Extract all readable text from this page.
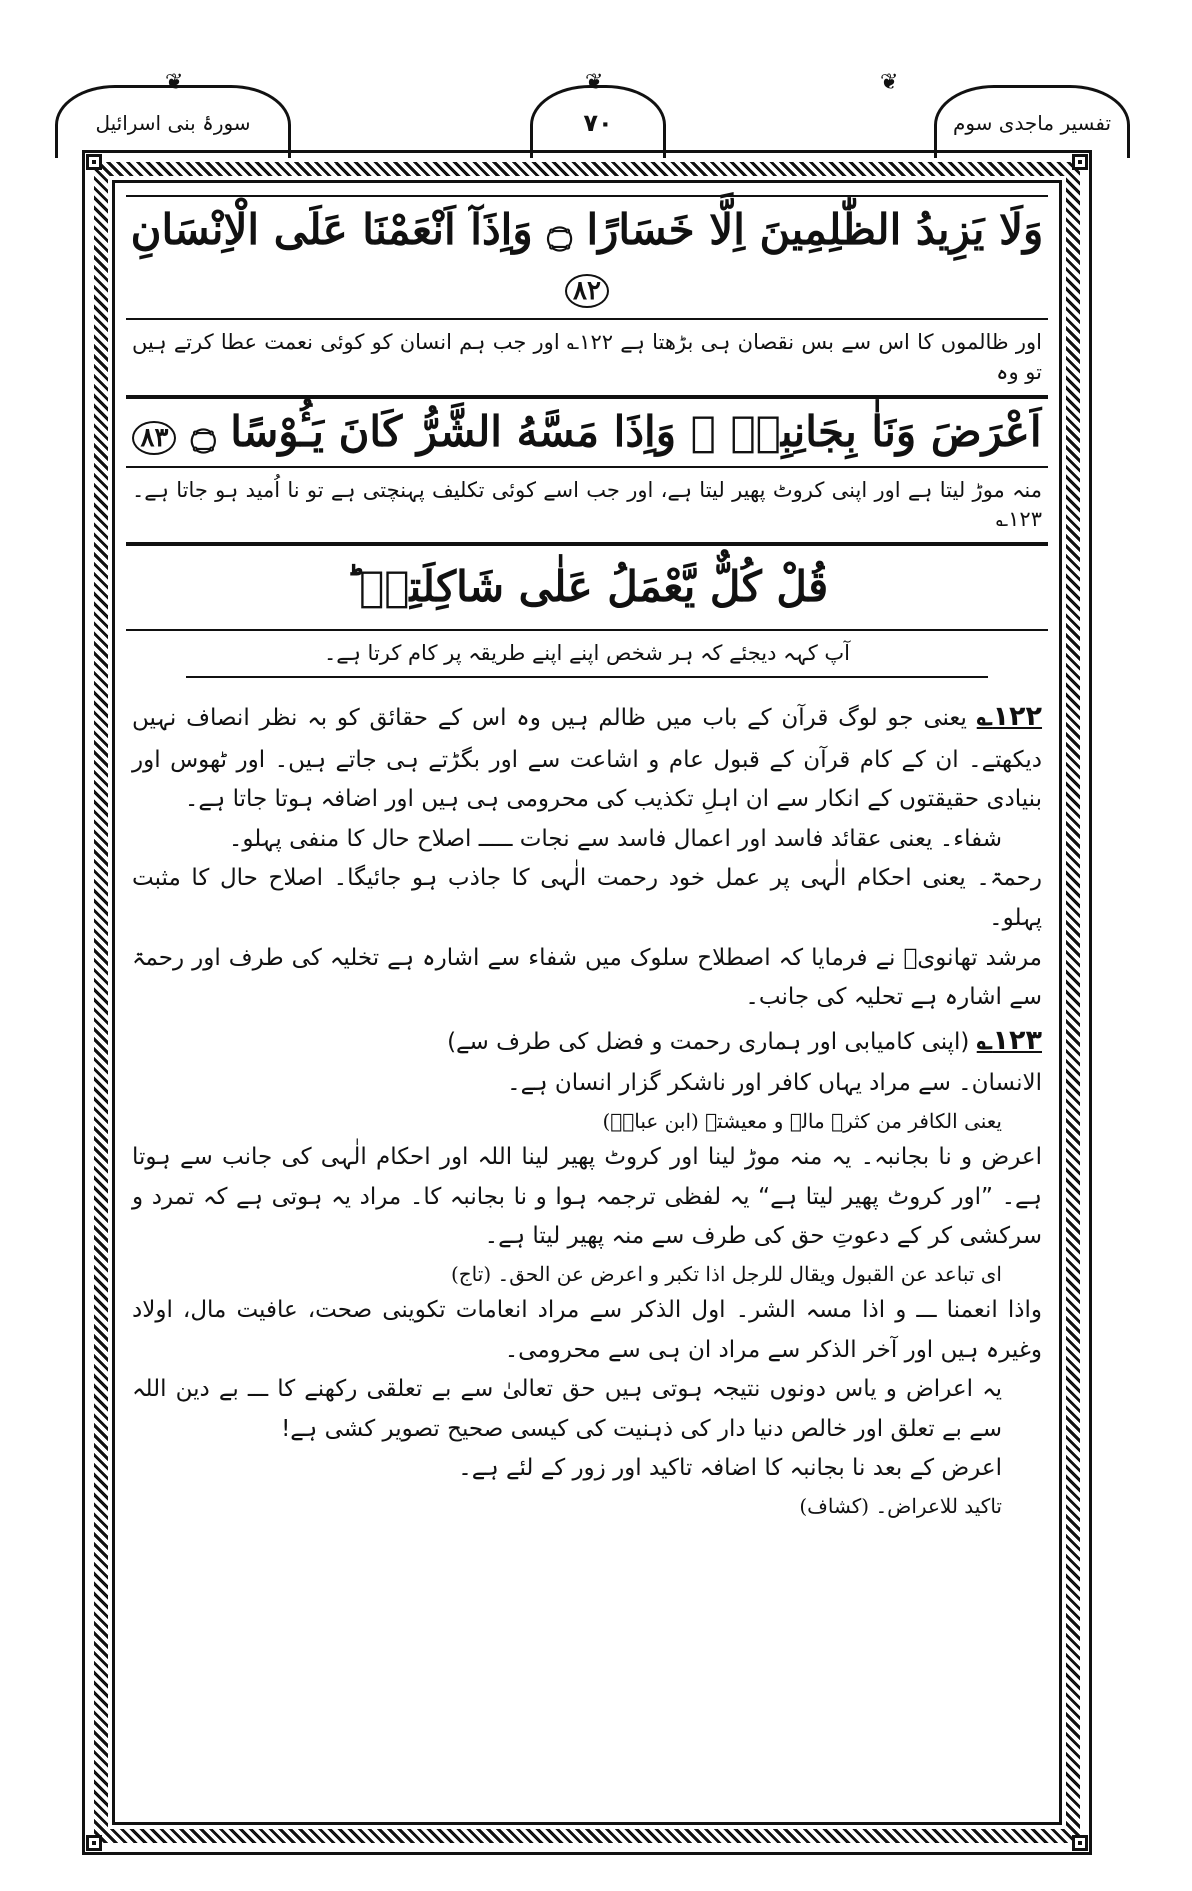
تفسیر ماجدی سوم
۷۰
سورۂ بنی اسرائیل
❦
❦
❦
وَلَا يَزِيدُ الظّٰلِمِينَ اِلَّا خَسَارًا ۝ وَاِذَآ اَنْعَمْنَا عَلَى الْاِنْسَانِ ۸۲
اور ظالموں کا اس سے بس نقصان ہی بڑھتا ہے ۱۲۲؎ اور جب ہم انسان کو کوئی نعمت عطا کرتے ہیں تو وہ
اَعْرَضَ وَنَاٰ بِجَانِبِهٖ ۚ وَاِذَا مَسَّهُ الشَّرُّ كَانَ يَـُٔوْسًا ۝ ۸۳
منہ موڑ لیتا ہے اور اپنی کروٹ پھیر لیتا ہے، اور جب اسے کوئی تکلیف پہنچتی ہے تو نا اُمید ہو جاتا ہے۔ ۱۲۳؎
قُلْ كُلٌّ يَّعْمَلُ عَلٰى شَاكِلَتِهٖ ؕ
آپ کہہ دیجئے کہ ہر شخص اپنے اپنے طریقہ پر کام کرتا ہے۔

۱۲۲؎ یعنی جو لوگ قرآن کے باب میں ظالم ہیں وہ اس کے حقائق کو بہ نظر انصاف نہیں دیکھتے۔ ان کے کام قرآن کے قبول عام و اشاعت سے اور بگڑتے ہی جاتے ہیں۔ اور ٹھوس اور بنیادی حقیقتوں کے انکار سے ان اہلِ تکذیب کی محرومی ہی ہیں اور اضافہ ہوتا جاتا ہے۔

شفاء۔ یعنی عقائد فاسد اور اعمال فاسد سے نجات ـــــ اصلاح حال کا منفی پہلو۔

رحمۃ۔ یعنی احکام الٰہی پر عمل خود رحمت الٰہی کا جاذب ہو جائیگا۔ اصلاح حال کا مثبت پہلو۔

مرشد تھانویؒ نے فرمایا کہ اصطلاح سلوک میں شفاء سے اشارہ ہے تخلیہ کی طرف اور رحمۃ سے اشارہ ہے تحلیہ کی جانب۔

۱۲۳؎ (اپنی کامیابی اور ہماری رحمت و فضل کی طرف سے)

الانسان۔ سے مراد یہاں کافر اور ناشکر گزار انسان ہے۔

یعنی الکافر من کثرۃ مالہ و معیشتہ (ابن عباسؓ)

اعرض و نا بجانبہ۔ یہ منہ موڑ لینا اور کروٹ پھیر لینا اللہ اور احکام الٰہی کی جانب سے ہوتا ہے۔ ”اور کروٹ پھیر لیتا ہے“ یہ لفظی ترجمہ ہوا و نا بجانبہ کا۔ مراد یہ ہوتی ہے کہ تمرد و سرکشی کر کے دعوتِ حق کی طرف سے منہ پھیر لیتا ہے۔

ای تباعد عن القبول ویقال للرجل اذا تکبر و اعرض عن الحق۔ (تاج)

واذا انعمنا ـــ و اذا مسہ الشر۔ اول الذکر سے مراد انعامات تکوینی صحت، عافیت مال، اولاد وغیرہ ہیں اور آخر الذکر سے مراد ان ہی سے محرومی۔

یہ اعراض و یاس دونوں نتیجہ ہوتی ہیں حق تعالیٰ سے بے تعلقی رکھنے کا ـــ بے دین اللہ سے بے تعلق اور خالص دنیا دار کی ذہنیت کی کیسی صحیح تصویر کشی ہے!

اعرض کے بعد نا بجانبہ کا اضافہ تاکید اور زور کے لئے ہے۔

تاکید للاعراض۔ (کشاف)
